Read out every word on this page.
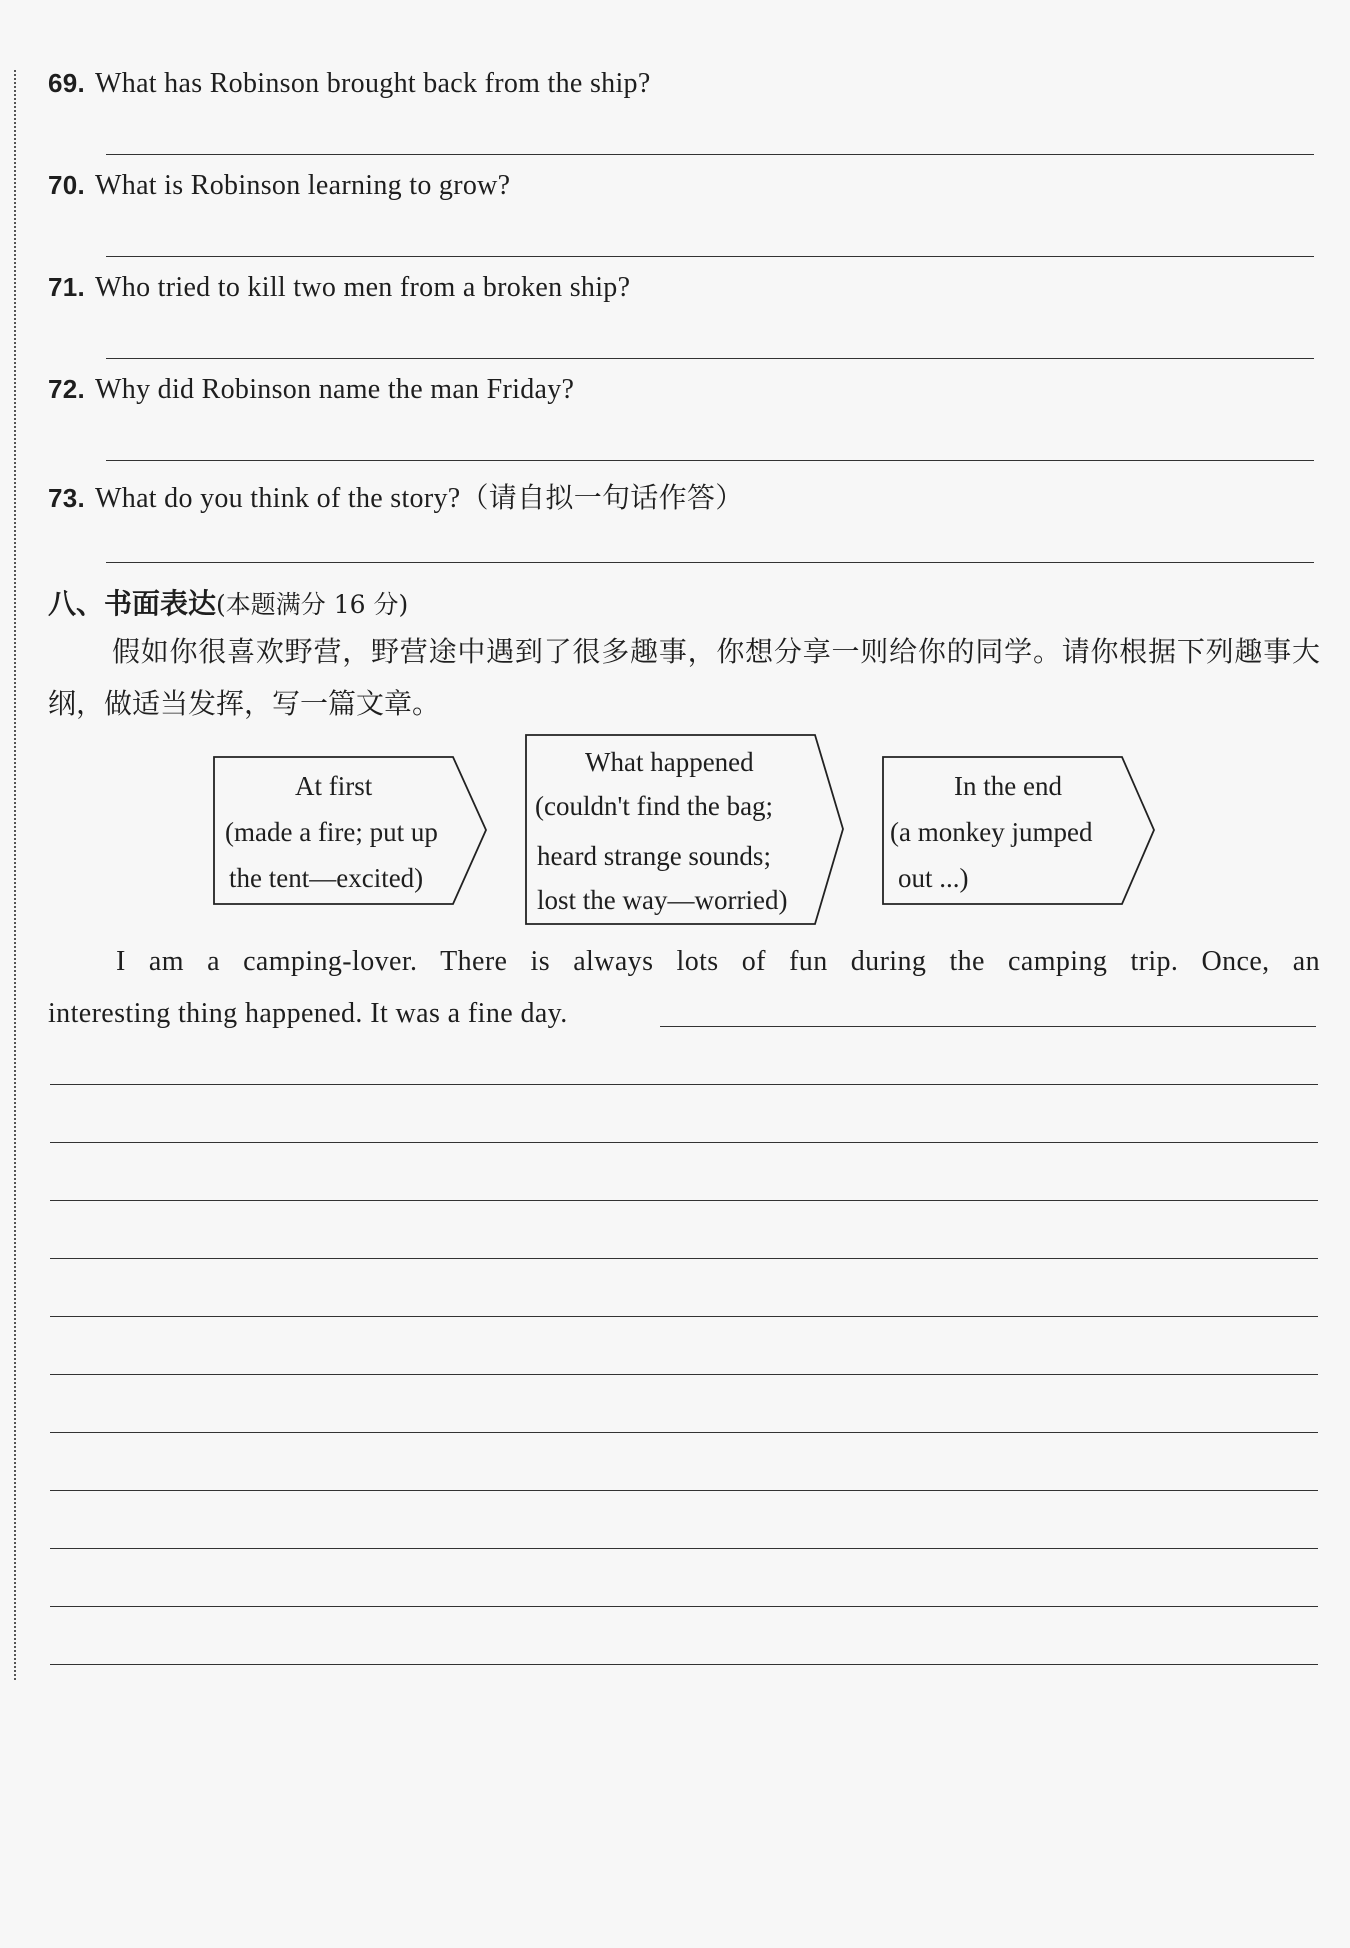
69. What has Robinson brought back from the ship?
70. What is Robinson learning to grow?
71. Who tried to kill two men from a broken ship?
72. Why did Robinson name the man Friday?
73. What do you think of the story?（请自拟一句话作答）
八、书面表达(本题满分 16 分)
假如你很喜欢野营，野营途中遇到了很多趣事，你想分享一则给你的同学。请你根据下列趣事大纲，做适当发挥，写一篇文章。
At first
(made a fire; put up
the tent—excited)
What happened
(couldn't find the bag;
heard strange sounds;
lost the way—worried)
In the end
(a monkey jumped
out ...)
I am a camping-lover. There is always lots of fun during the camping trip. Once, an
interesting thing happened. It was a fine day.
